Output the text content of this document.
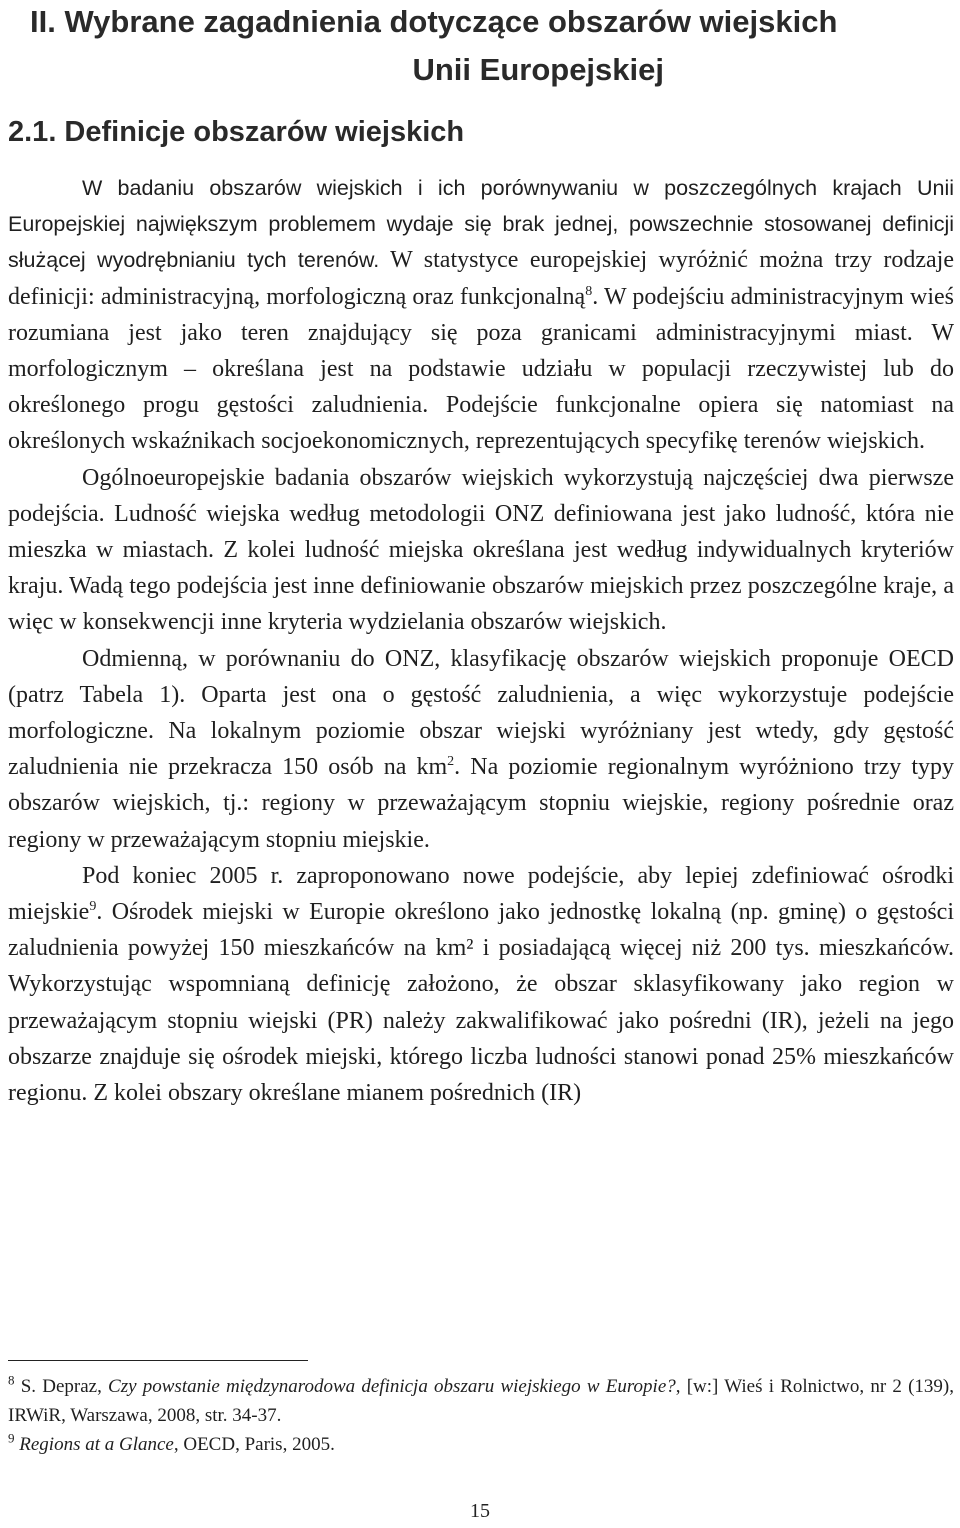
II. Wybrane zagadnienia dotyczące obszarów wiejskich
Unii Europejskiej
2.1. Definicje obszarów wiejskich

W badaniu obszarów wiejskich i ich porównywaniu w poszczególnych krajach Unii Europejskiej największym problemem wydaje się brak jednej, powszechnie stosowanej definicji służącej wyodrębnianiu tych terenów. W statystyce europejskiej wyróżnić można trzy rodzaje definicji: administracyjną, morfologiczną oraz funkcjonalną$^8$. W podejściu administracyjnym wieś rozumiana jest jako teren znajdujący się poza granicami administracyjnymi miast. W morfologicznym – określana jest na podstawie udziału w populacji rzeczywistej lub do określonego progu gęstości zaludnienia. Podejście funkcjonalne opiera się natomiast na określonych wskaźnikach socjoekonomicznych, reprezentujących specyfikę terenów wiejskich.

Ogólnoeuropejskie badania obszarów wiejskich wykorzystują najczęściej dwa pierwsze podejścia. Ludność wiejska według metodologii ONZ definiowana jest jako ludność, która nie mieszka w miastach. Z kolei ludność miejska określana jest według indywidualnych kryteriów kraju. Wadą tego podejścia jest inne definiowanie obszarów miejskich przez poszczególne kraje, a więc w konsekwencji inne kryteria wydzielania obszarów wiejskich.

Odmienną, w porównaniu do ONZ, klasyfikację obszarów wiejskich proponuje OECD (patrz Tabela 1). Oparta jest ona o gęstość zaludnienia, a więc wykorzystuje podejście morfologiczne. Na lokalnym poziomie obszar wiejski wyróżniany jest wtedy, gdy gęstość zaludnienia nie przekracza 150 osób na $km^2$. Na poziomie regionalnym wyróżniono trzy typy obszarów wiejskich, tj.: regiony w przeważającym stopniu wiejskie, regiony pośrednie oraz regiony w przeważającym stopniu miejskie.

Pod koniec 2005 r. zaproponowano nowe podejście, aby lepiej zdefiniować ośrodki miejskie$^9$. Ośrodek miejski w Europie określono jako jednostkę lokalną (np. gminę) o gęstości zaludnienia powyżej 150 mieszkańców na km² i posiadającą więcej niż 200 tys. mieszkańców. Wykorzystując wspomnianą definicję założono, że obszar sklasyfikowany jako region w przeważającym stopniu wiejski (PR) należy zakwalifikować jako pośredni (IR), jeżeli na jego obszarze znajduje się ośrodek miejski, którego liczba ludności stanowi ponad 25% mieszkańców regionu. Z kolei obszary określane mianem pośrednich (IR)

$^8$ S. Depraz, Czy powstanie międzynarodowa definicja obszaru wiejskiego w Europie?, [w:] Wieś i Rolnictwo, nr 2 (139), IRWiR, Warszawa, 2008, str. 34-37.

$^9$ Regions at a Glance, OECD, Paris, 2005.

15
